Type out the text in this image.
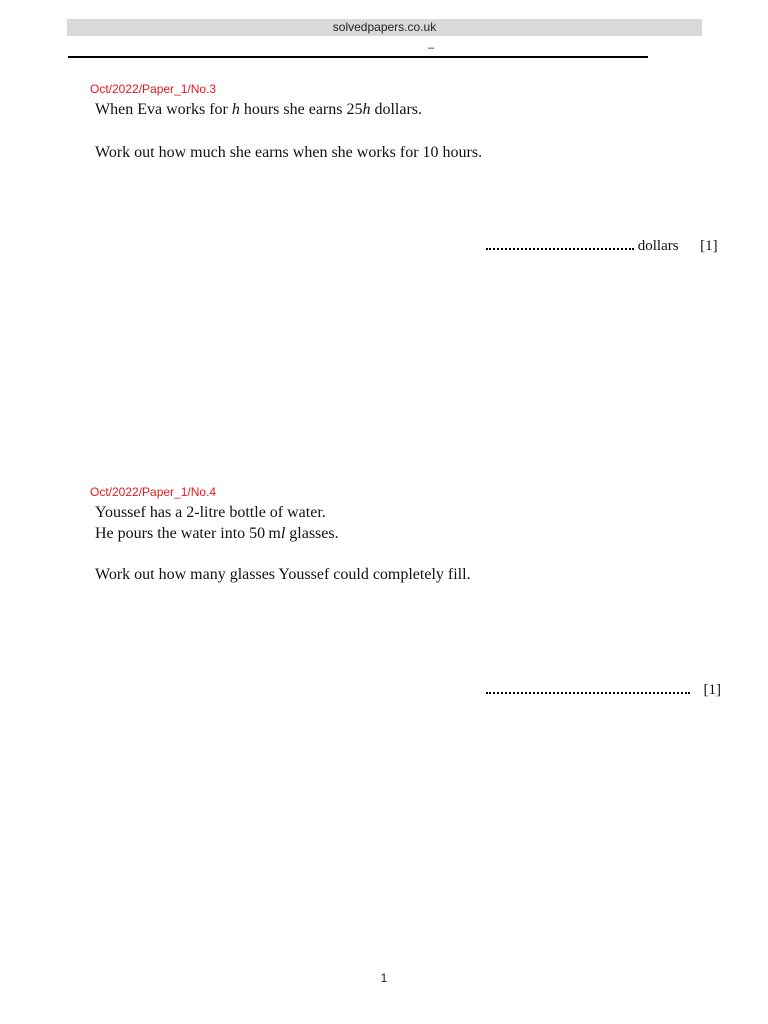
solvedpapers.co.uk
–
Oct/2022/Paper_1/No.3
When Eva works for h hours she earns 25h dollars.
Work out how much she earns when she works for 10 hours.
dollars [1]
Oct/2022/Paper_1/No.4
Youssef has a 2-litre bottle of water.
He pours the water into 50 ml glasses.
Work out how many glasses Youssef could completely fill.
[1]
1
